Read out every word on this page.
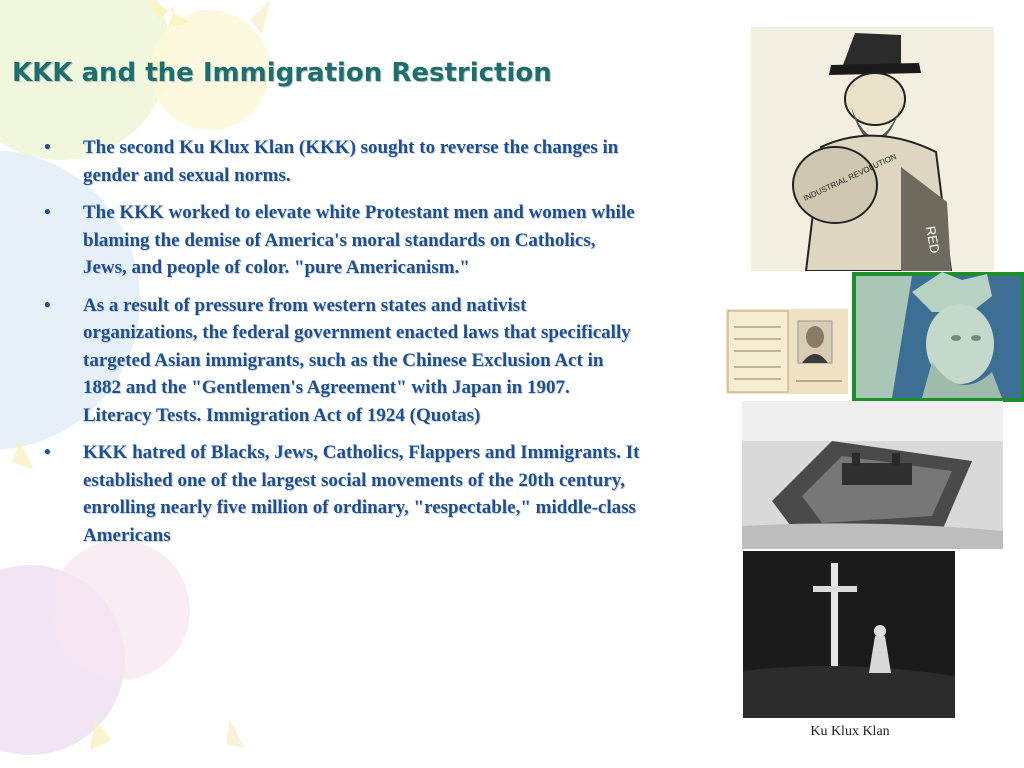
KKK and the Immigration Restriction
• The second Ku Klux Klan (KKK) sought to reverse the changes in gender and sexual norms.
• The KKK worked to elevate white Protestant men and women while blaming the demise of America's moral standards on Catholics, Jews, and people of color. "pure Americanism."
• As a result of pressure from western states and nativist organizations, the federal government enacted laws that specifically targeted Asian immigrants, such as the Chinese Exclusion Act in 1882 and the "Gentlemen's Agreement" with Japan in 1907. Literacy Tests. Immigration Act of 1924 (Quotas)
• KKK hatred of Blacks, Jews, Catholics, Flappers and Immigrants. It established one of the largest social movements of the 20th century, enrolling nearly five million of ordinary, "respectable," middle-class Americans
RED
INDUSTRIAL REVOLUTION
Ku Klux Klan
